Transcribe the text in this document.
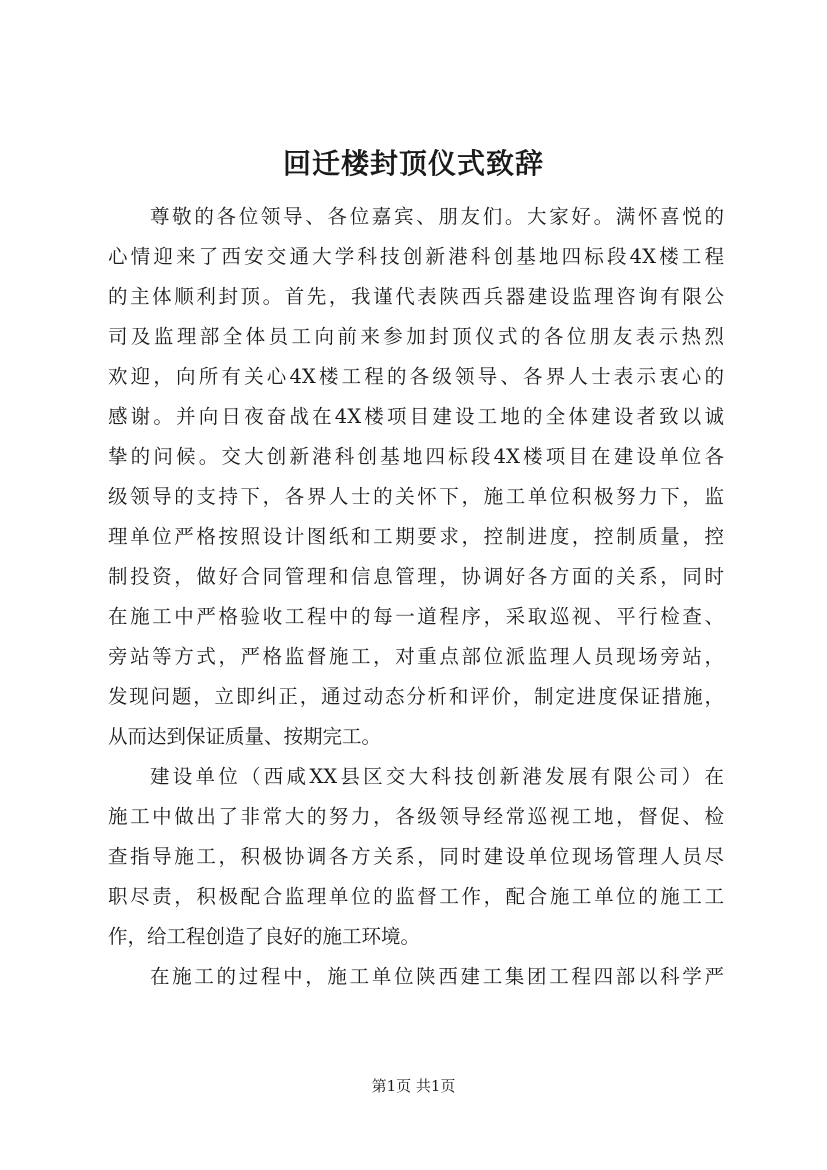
回迁楼封顶仪式致辞
尊敬的各位领导、各位嘉宾、朋友们。大家好。满怀喜悦的
心情迎来了西安交通大学科技创新港科创基地四标段4X楼工程
的主体顺利封顶。首先，我谨代表陕西兵器建设监理咨询有限公
司及监理部全体员工向前来参加封顶仪式的各位朋友表示热烈
欢迎，向所有关心4X楼工程的各级领导、各界人士表示衷心的
感谢。并向日夜奋战在4X楼项目建设工地的全体建设者致以诚
挚的问候。交大创新港科创基地四标段4X楼项目在建设单位各
级领导的支持下，各界人士的关怀下，施工单位积极努力下，监
理单位严格按照设计图纸和工期要求，控制进度，控制质量，控
制投资，做好合同管理和信息管理，协调好各方面的关系，同时
在施工中严格验收工程中的每一道程序，采取巡视、平行检查、
旁站等方式，严格监督施工，对重点部位派监理人员现场旁站，
发现问题，立即纠正，通过动态分析和评价，制定进度保证措施，
从而达到保证质量、按期完工。
建设单位（西咸XX县区交大科技创新港发展有限公司）在
施工中做出了非常大的努力，各级领导经常巡视工地，督促、检
查指导施工，积极协调各方关系，同时建设单位现场管理人员尽
职尽责，积极配合监理单位的监督工作，配合施工单位的施工工
作，给工程创造了良好的施工环境。
在施工的过程中，施工单位陕西建工集团工程四部以科学严
第1页 共1页
